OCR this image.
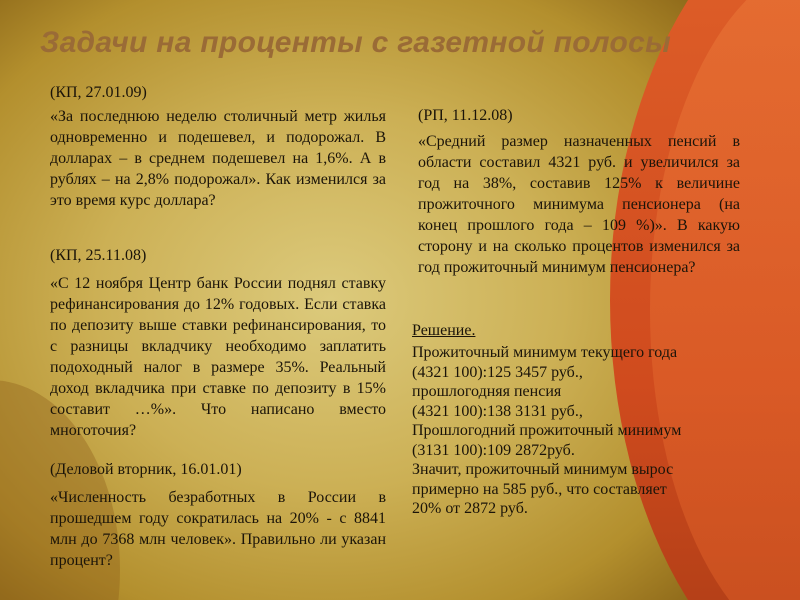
Задачи на проценты с газетной полосы
(КП, 27.01.09)
«За последнюю неделю столичный метр жилья одновременно и подешевел, и подорожал. В долларах – в среднем подешевел на 1,6%. А в рублях – на 2,8% подорожал». Как изменился за это время курс доллара?
(КП, 25.11.08)
«С 12 ноября Центр банк России поднял ставку рефинансирования до 12% годовых. Если ставка по депозиту выше ставки рефинансирования, то с разницы вкладчику необходимо заплатить подоходный налог в размере 35%. Реальный доход вкладчика при ставке по депозиту в 15% составит …%». Что написано вместо многоточия?
(Деловой вторник, 16.01.01)
«Численность безработных в России в прошедшем году сократилась на 20% - с 8841 млн до 7368 млн человек». Правильно ли указан процент?
(РП, 11.12.08)
«Средний размер назначенных пенсий в области составил 4321 руб. и увеличился за год на 38%, составив 125% к величине прожиточного минимума пенсионера (на конец прошлого года – 109 %)». В какую сторону и на сколько процентов изменился за год прожиточный минимум пенсионера?
Решение.
Прожиточный минимум текущего года
(4321 100):125 3457 руб.,
прошлогодняя пенсия
(4321 100):138 3131 руб.,
Прошлогодний прожиточный минимум
(3131 100):109 2872руб.
Значит, прожиточный минимум вырос
примерно на 585 руб., что составляет
20% от 2872 руб.
